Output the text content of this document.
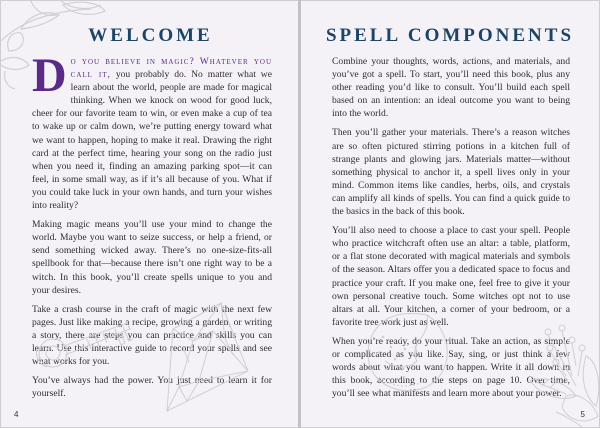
WELCOME

Do you believe in magic? Whatever you call it, you probably do. No matter what we learn about the world, people are made for magical thinking. When we knock on wood for good luck, cheer for our favorite team to win, or even make a cup of tea to wake up or calm down, we’re putting energy toward what we want to happen, hoping to make it real. Drawing the right card at the perfect time, hearing your song on the radio just when you need it, finding an amazing parking spot—it can feel, in some small way, as if it’s all because of you. What if you could take luck in your own hands, and turn your wishes into reality?

Making magic means you’ll use your mind to change the world. Maybe you want to seize success, or help a friend, or send something wicked away. There’s no one-size-fits-all spellbook for that—because there isn’t one right way to be a witch. In this book, you’ll create spells unique to you and your desires.

Take a crash course in the craft of magic with the next few pages. Just like making a recipe, growing a garden, or writing a story, there are steps you can practice and skills you can learn. Use this interactive guide to record your spells and see what works for you.

You’ve always had the power. You just need to learn it for yourself.

4
SPELL COMPONENTS

Combine your thoughts, words, actions, and materials, and you’ve got a spell. To start, you’ll need this book, plus any other reading you’d like to consult. You’ll build each spell based on an intention: an ideal outcome you want to being into the world.

Then you’ll gather your materials. There’s a reason witches are so often pictured stirring potions in a kitchen full of strange plants and glowing jars. Materials matter—without something physical to anchor it, a spell lives only in your mind. Common items like candles, herbs, oils, and crystals can amplify all kinds of spells. You can find a quick guide to the basics in the back of this book.

You’ll also need to choose a place to cast your spell. People who practice witchcraft often use an altar: a table, platform, or a flat stone decorated with magical materials and symbols of the season. Altars offer you a dedicated space to focus and practice your craft. If you make one, feel free to give it your own personal creative touch. Some witches opt not to use altars at all. Your kitchen, a corner of your bedroom, or a favorite tree work just as well.

When you’re ready, do your ritual. Take an action, as simple or complicated as you like. Say, sing, or just think a few words about what you want to happen. Write it all down in this book, according to the steps on page 10. Over time, you’ll see what manifests and learn more about your power.

5
